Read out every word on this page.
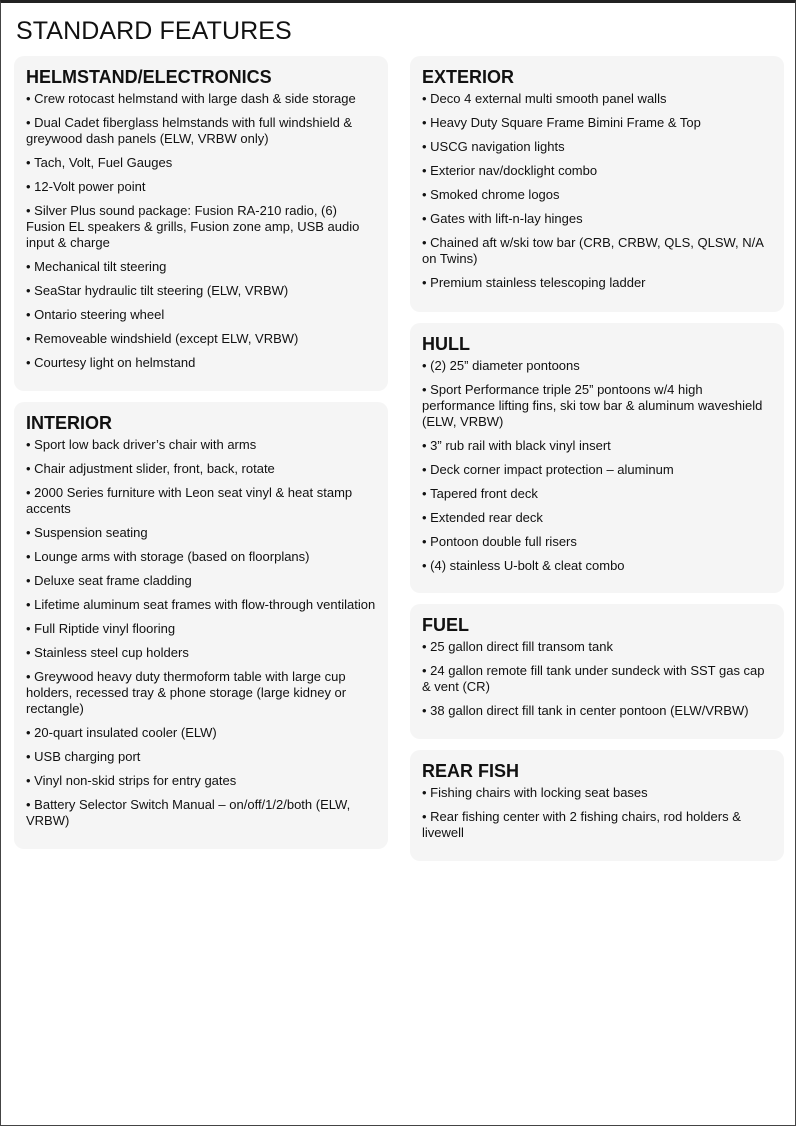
STANDARD FEATURES
HELMSTAND/ELECTRONICS
• Crew rotocast helmstand with large dash & side storage
• Dual Cadet fiberglass helmstands with full windshield & greywood dash panels (ELW, VRBW only)
• Tach, Volt, Fuel Gauges
• 12-Volt power point
• Silver Plus sound package: Fusion RA-210 radio, (6) Fusion EL speakers & grills, Fusion zone amp, USB audio input & charge
• Mechanical tilt steering
• SeaStar hydraulic tilt steering (ELW, VRBW)
• Ontario steering wheel
• Removeable windshield (except ELW, VRBW)
• Courtesy light on helmstand
INTERIOR
• Sport low back driver’s chair with arms
• Chair adjustment slider, front, back, rotate
• 2000 Series furniture with Leon seat vinyl & heat stamp accents
• Suspension seating
• Lounge arms with storage (based on floorplans)
• Deluxe seat frame cladding
• Lifetime aluminum seat frames with flow-through ventilation
• Full Riptide vinyl flooring
• Stainless steel cup holders
• Greywood heavy duty thermoform table with large cup holders, recessed tray & phone storage (large kidney or rectangle)
• 20-quart insulated cooler (ELW)
• USB charging port
• Vinyl non-skid strips for entry gates
• Battery Selector Switch Manual – on/off/1/2/both (ELW, VRBW)
EXTERIOR
• Deco 4 external multi smooth panel walls
• Heavy Duty Square Frame Bimini Frame & Top
• USCG navigation lights
• Exterior nav/docklight combo
• Smoked chrome logos
• Gates with lift-n-lay hinges
• Chained aft w/ski tow bar (CRB, CRBW, QLS, QLSW, N/A on Twins)
• Premium stainless telescoping ladder
HULL
• (2) 25” diameter pontoons
• Sport Performance triple 25” pontoons w/4 high performance lifting fins, ski tow bar & aluminum waveshield (ELW, VRBW)
• 3” rub rail with black vinyl insert
• Deck corner impact protection – aluminum
• Tapered front deck
• Extended rear deck
• Pontoon double full risers
• (4) stainless U-bolt & cleat combo
FUEL
• 25 gallon direct fill transom tank
• 24 gallon remote fill tank under sundeck with SST gas cap & vent (CR)
• 38 gallon direct fill tank in center pontoon (ELW/VRBW)
REAR FISH
• Fishing chairs with locking seat bases
• Rear fishing center with 2 fishing chairs, rod holders & livewell
